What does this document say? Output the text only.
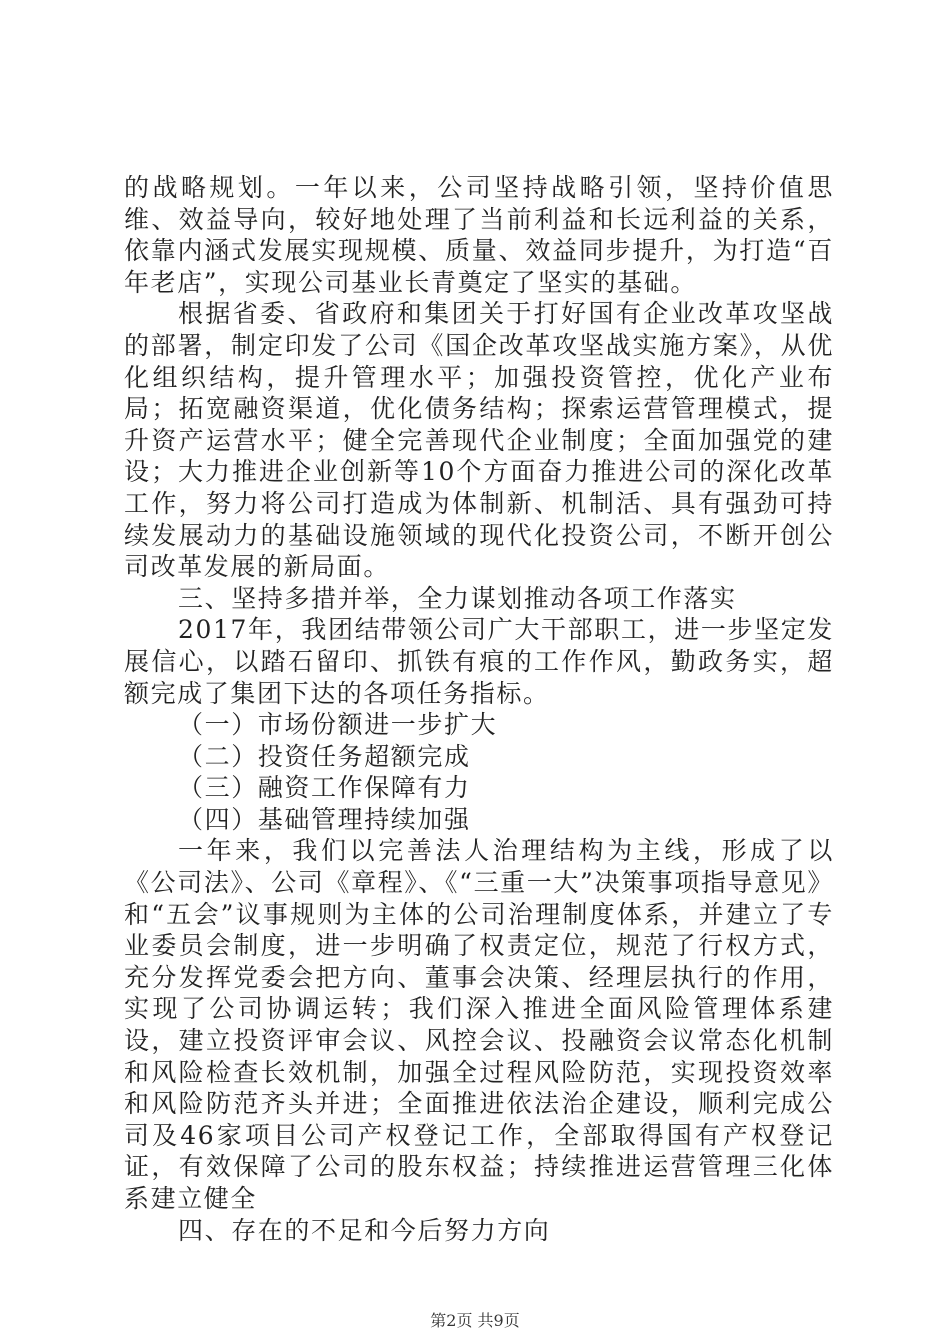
的战略规划。一年以来，公司坚持战略引领，坚持价值思维、效益导向，较好地处理了当前利益和长远利益的关系，依靠内涵式发展实现规模、质量、效益同步提升，为打造“百年老店”，实现公司基业长青奠定了坚实的基础。

根据省委、省政府和集团关于打好国有企业改革攻坚战的部署，制定印发了公司《国企改革攻坚战实施方案》，从优化组织结构，提升管理水平；加强投资管控，优化产业布局；拓宽融资渠道，优化债务结构；探索运营管理模式，提升资产运营水平；健全完善现代企业制度；全面加强党的建设；大力推进企业创新等10个方面奋力推进公司的深化改革工作，努力将公司打造成为体制新、机制活、具有强劲可持续发展动力的基础设施领域的现代化投资公司，不断开创公司改革发展的新局面。

三、坚持多措并举，全力谋划推动各项工作落实

2017年，我团结带领公司广大干部职工，进一步坚定发展信心，以踏石留印、抓铁有痕的工作作风，勤政务实，超额完成了集团下达的各项任务指标。

（一）市场份额进一步扩大

（二）投资任务超额完成

（三）融资工作保障有力

（四）基础管理持续加强

一年来，我们以完善法人治理结构为主线，形成了以《公司法》、公司《章程》、《“三重一大”决策事项指导意见》和“五会”议事规则为主体的公司治理制度体系，并建立了专业委员会制度，进一步明确了权责定位，规范了行权方式，充分发挥党委会把方向、董事会决策、经理层执行的作用，实现了公司协调运转；我们深入推进全面风险管理体系建设，建立投资评审会议、风控会议、投融资会议常态化机制和风险检查长效机制，加强全过程风险防范，实现投资效率和风险防范齐头并进；全面推进依法治企建设，顺利完成公司及46家项目公司产权登记工作，全部取得国有产权登记证，有效保障了公司的股东权益；持续推进运营管理三化体系建立健全

四、存在的不足和今后努力方向

第2页 共9页
